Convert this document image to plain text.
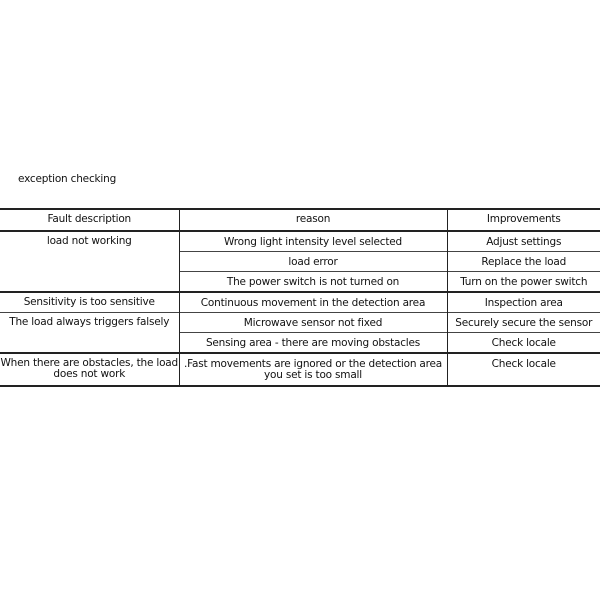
exception checking
Fault description	reason	Improvements

load not working	Wrong light intensity level selected	Adjust settings

	load error	Replace the load

	The power switch is not turned on	Turn on the power switch

Sensitivity is too sensitive	Continuous movement in the detection area	Inspection area

The load always triggers falsely	Microwave sensor not fixed	Securely secure the sensor

	Sensing area - there are moving obstacles	Check locale

When there are obstacles, the load does not work	.Fast movements are ignored or the detection area you set is too small	Check locale
